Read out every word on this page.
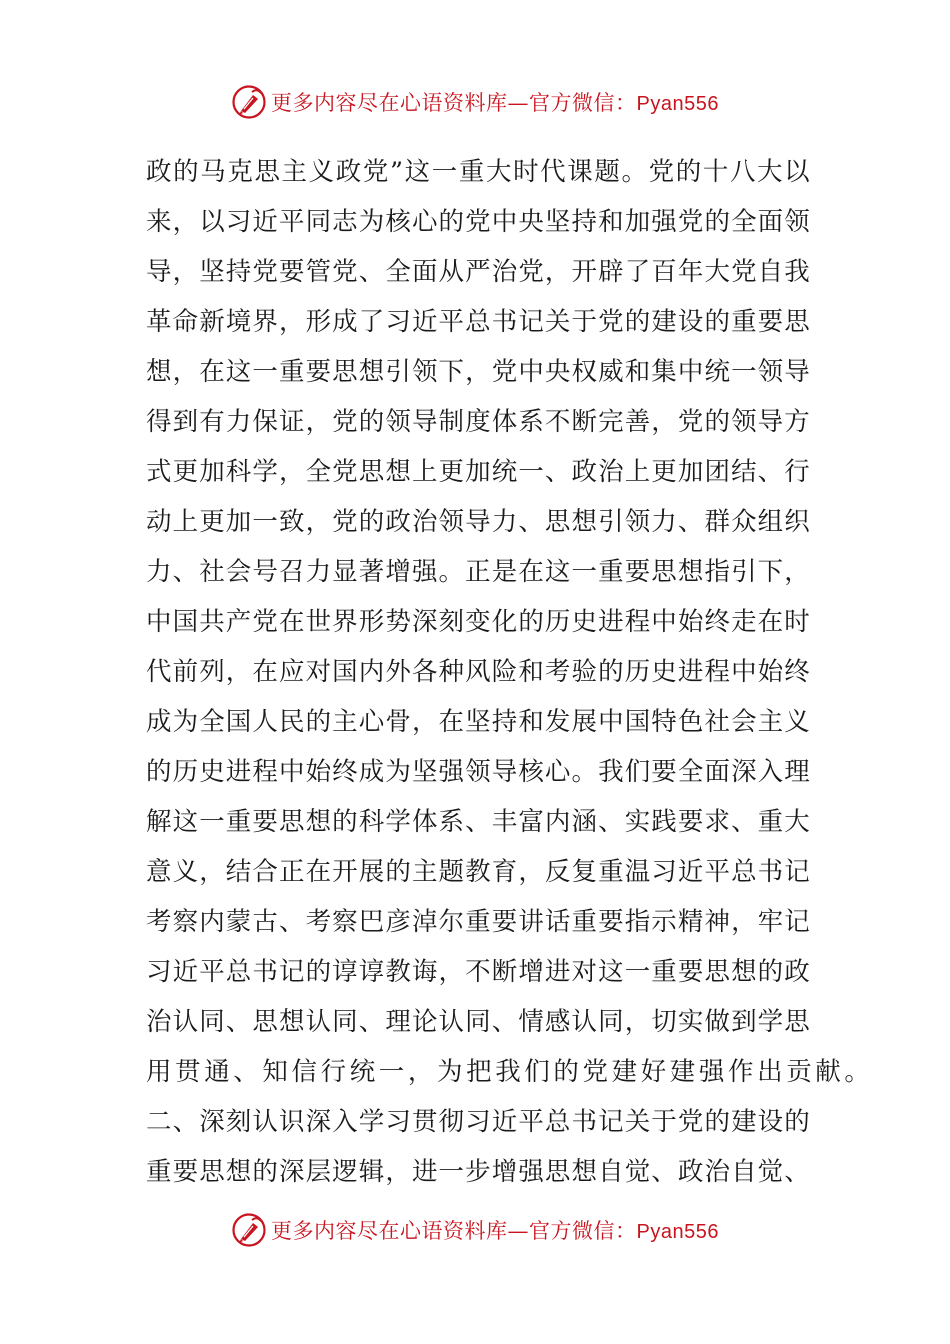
更多内容尽在心语资料库—官方微信： Pyan556
政 的 马 克 思 主 义 政 党 ” 这 一 重 大 时 代 课 题 。 党 的 十 八 大 以
来 ， 以 习 近 平 同 志 为 核 心 的 党 中 央 坚 持 和 加 强 党 的 全 面 领
导 ， 坚 持 党 要 管 党 、 全 面 从 严 治 党 ， 开 辟 了 百 年 大 党 自 我
革 命 新 境 界 ， 形 成 了 习 近 平 总 书 记 关 于 党 的 建 设 的 重 要 思
想 ， 在 这 一 重 要 思 想 引 领 下 ， 党 中 央 权 威 和 集 中 统 一 领 导
得 到 有 力 保 证 ， 党 的 领 导 制 度 体 系 不 断 完 善 ， 党 的 领 导 方
式 更 加 科 学 ， 全 党 思 想 上 更 加 统 一 、 政 治 上 更 加 团 结 、 行
动 上 更 加 一 致 ， 党 的 政 治 领 导 力 、 思 想 引 领 力 、 群 众 组 织
力 、 社 会 号 召 力 显 著 增 强 。 正 是 在 这 一 重 要 思 想 指 引 下 ，
中 国 共 产 党 在 世 界 形 势 深 刻 变 化 的 历 史 进 程 中 始 终 走 在 时
代 前 列 ， 在 应 对 国 内 外 各 种 风 险 和 考 验 的 历 史 进 程 中 始 终
成 为 全 国 人 民 的 主 心 骨 ， 在 坚 持 和 发 展 中 国 特 色 社 会 主 义
的 历 史 进 程 中 始 终 成 为 坚 强 领 导 核 心 。 我 们 要 全 面 深 入 理
解 这 一 重 要 思 想 的 科 学 体 系 、 丰 富 内 涵 、 实 践 要 求 、 重 大
意 义 ， 结 合 正 在 开 展 的 主 题 教 育 ， 反 复 重 温 习 近 平 总 书 记
考 察 内 蒙 古 、 考 察 巴 彦 淖 尔 重 要 讲 话 重 要 指 示 精 神 ， 牢 记
习 近 平 总 书 记 的 谆 谆 教 诲 ， 不 断 增 进 对 这 一 重 要 思 想 的 政
治 认 同 、 思 想 认 同 、 理 论 认 同 、 情 感 认 同 ， 切 实 做 到 学 思
用贯通、知信行统一，为把我们的党建好建强作出贡献。
二 、 深 刻 认 识 深 入 学 习 贯 彻 习 近 平 总 书 记 关 于 党 的 建 设 的
重 要 思 想 的 深 层 逻 辑 ， 进 一 步 增 强 思 想 自 觉 、 政 治 自 觉 、
更多内容尽在心语资料库—官方微信： Pyan556
